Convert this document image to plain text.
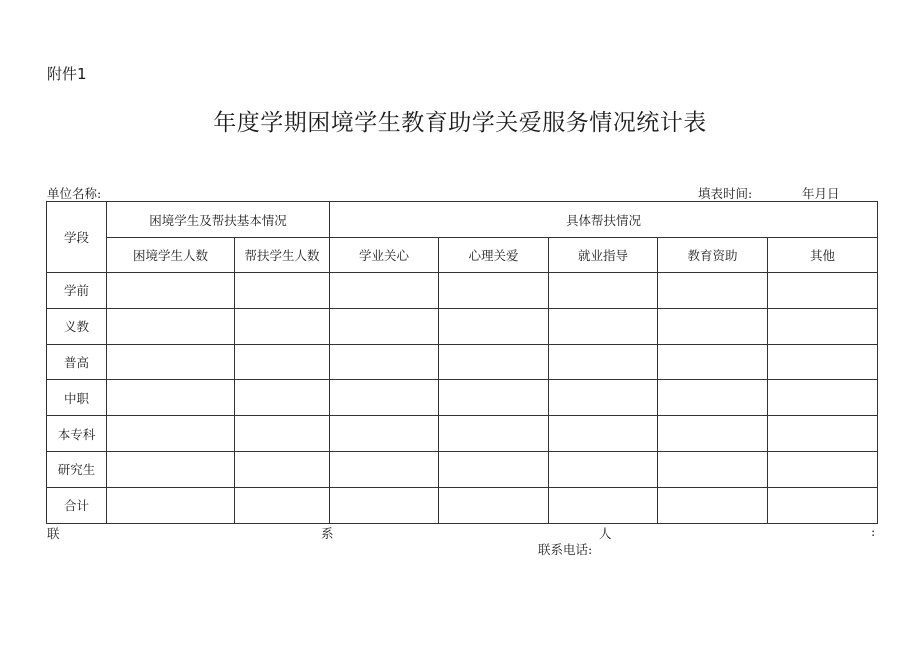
附件1
年度学期困境学生教育助学关爱服务情况统计表
单位名称:	填表时间:	年月日
学段	困境学生及帮扶基本情况		具体帮扶情况				
	困境学生人数	帮扶学生人数	学业关心	心理关爱	就业指导	教育资助	其他
学前							
义教							
普高							
中职							
本专科							
研究生							
合计							
联	系	人	:
联系电话:
